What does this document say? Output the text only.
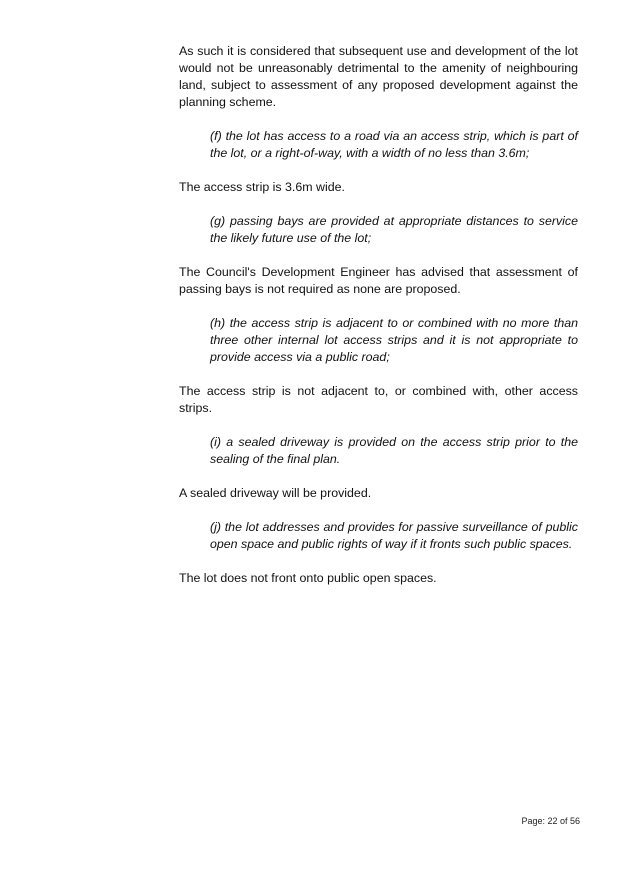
As such it is considered that subsequent use and development of the lot would not be unreasonably detrimental to the amenity of neighbouring land, subject to assessment of any proposed development against the planning scheme.

(f) the lot has access to a road via an access strip, which is part of the lot, or a right-of-way, with a width of no less than 3.6m;

The access strip is 3.6m wide.

(g) passing bays are provided at appropriate distances to service the likely future use of the lot;

The Council's Development Engineer has advised that assessment of passing bays is not required as none are proposed.

(h) the access strip is adjacent to or combined with no more than three other internal lot access strips and it is not appropriate to provide access via a public road;

The access strip is not adjacent to, or combined with, other access strips.

(i) a sealed driveway is provided on the access strip prior to the sealing of the final plan.

A sealed driveway will be provided.

(j) the lot addresses and provides for passive surveillance of public open space and public rights of way if it fronts such public spaces.

The lot does not front onto public open spaces.

Page: 22 of 56
